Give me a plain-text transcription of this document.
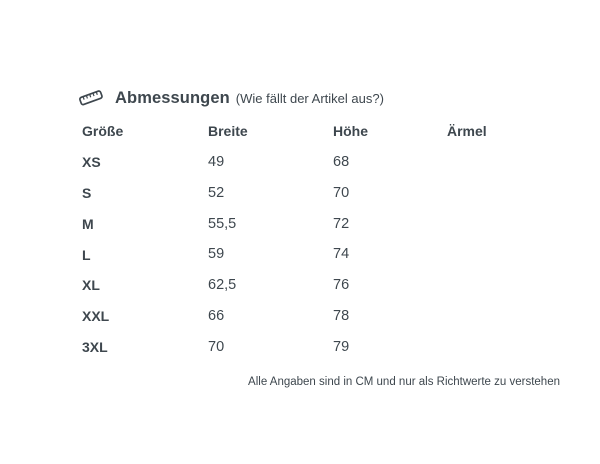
Abmessungen (Wie fällt der Artikel aus?)
Größe	Breite	Höhe	Ärmel
XS	49	68
S	52	70
M	55,5	72
L	59	74
XL	62,5	76
XXL	66	78
3XL	70	79
Alle Angaben sind in CM und nur als Richtwerte zu verstehen
